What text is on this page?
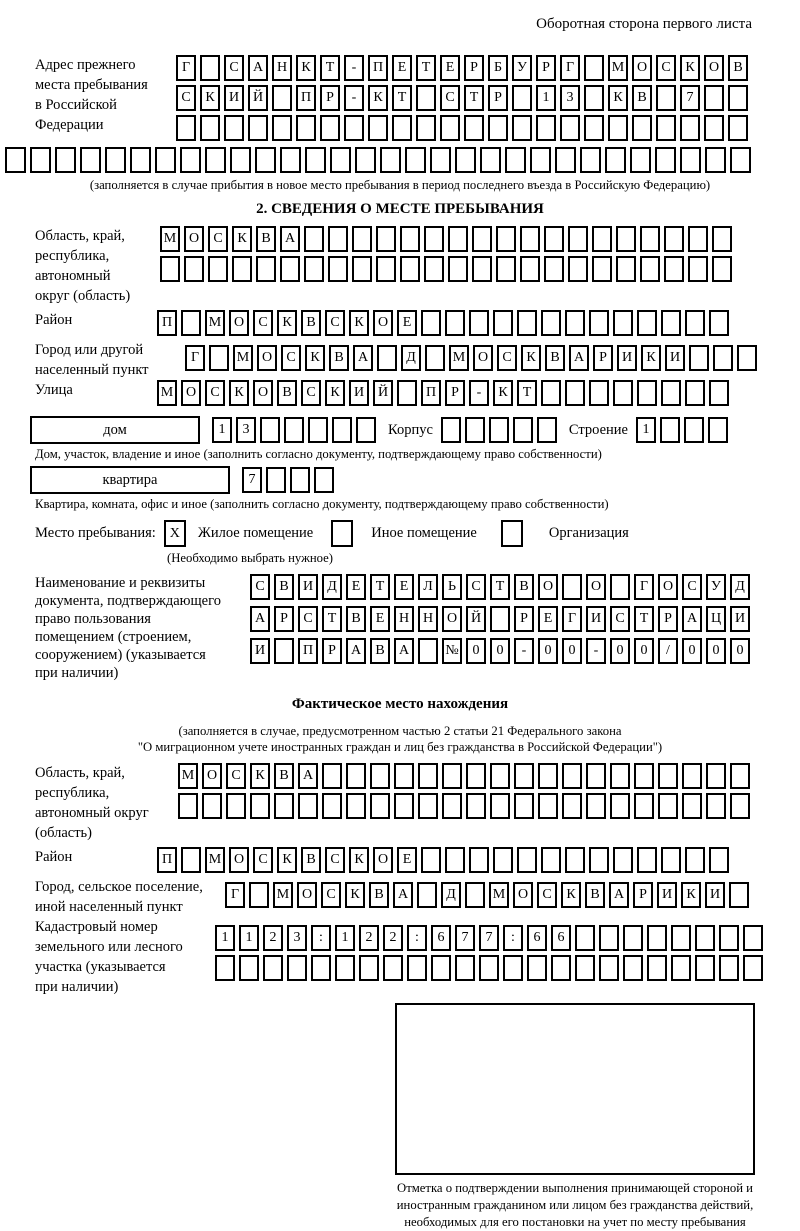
Оборотная сторона первого листа
Адрес прежнего
места пребывания
в Российской
Федерации
Г	С	А Н	К	Т	-	П	Е	Т	Е	Р	Б	У	Р	Г	М О	С	К	О	В
С	К	И Й	П	Р	-	К	Т	С	Т	Р	1	3	К	В	7
(заполняется в случае прибытия в новое место пребывания в период последнего въезда в Российскую Федерацию)
2. СВЕДЕНИЯ О МЕСТЕ ПРЕБЫВАНИЯ
Область, край,
республика,
автономный
округ (область)
М О	С	К	В	А
Район	П	М О	С	К	В	С	К	О	Е
Город или другой
населенный пункт
Г	М О	С	К	В	А	Д	М О	С	К	В	А	Р	И	К	И
Улица	М О	С	К	О	В	С	К	И Й	П	Р	-	К	Т
дом	1	3	Корпус	Строение	1
Дом, участок, владение и иное (заполнить согласно документу, подтверждающему право собственности)
квартира	7
Квартира, комната, офис и иное (заполнить согласно документу, подтверждающему право собственности)
Место пребывания: X	Жилое помещение	Иное помещение	Организация
(Необходимо выбрать нужное)
Наименование и реквизиты
документа, подтверждающего
право пользования
помещением (строением,
сооружением) (указывается
при наличии)
С	В	И	Д	Е	Т	Е	Л	Ь	С	Т	В	О	О	Г	О	С	У	Д
А	Р	С	Т	В	Е	Н Н О Й	Р	Е	Г	И	С	Т	Р	А Ц И
И	П	Р	А	В	А	№ 0	0	-	0	0	-	0	0	/	0	0	0
Фактическое место нахождения
(заполняется в случае, предусмотренном частью 2 статьи 21 Федерального закона
"О миграционном учете иностранных граждан и лиц без гражданства в Российской Федерации")
Область, край,
республика,
автономный округ
(область)
М О	С	К	В	А
Район	П	М О	С	К	В	С	К	О	Е
Город, сельское поселение,
иной населенный пункт
Г	М О	С	К	В	А	Д	М О	С	К	В	А	Р	И	К	И
Кадастровый номер
земельного или лесного
участка (указывается
при наличии)
1	1	2	3	:	1	2	2	:	6	7	7	:	6	6
Отметка о подтверждении выполнения принимающей стороной и иностранным гражданином или лицом без гражданства действий, необходимых для его постановки на учет по месту пребывания
